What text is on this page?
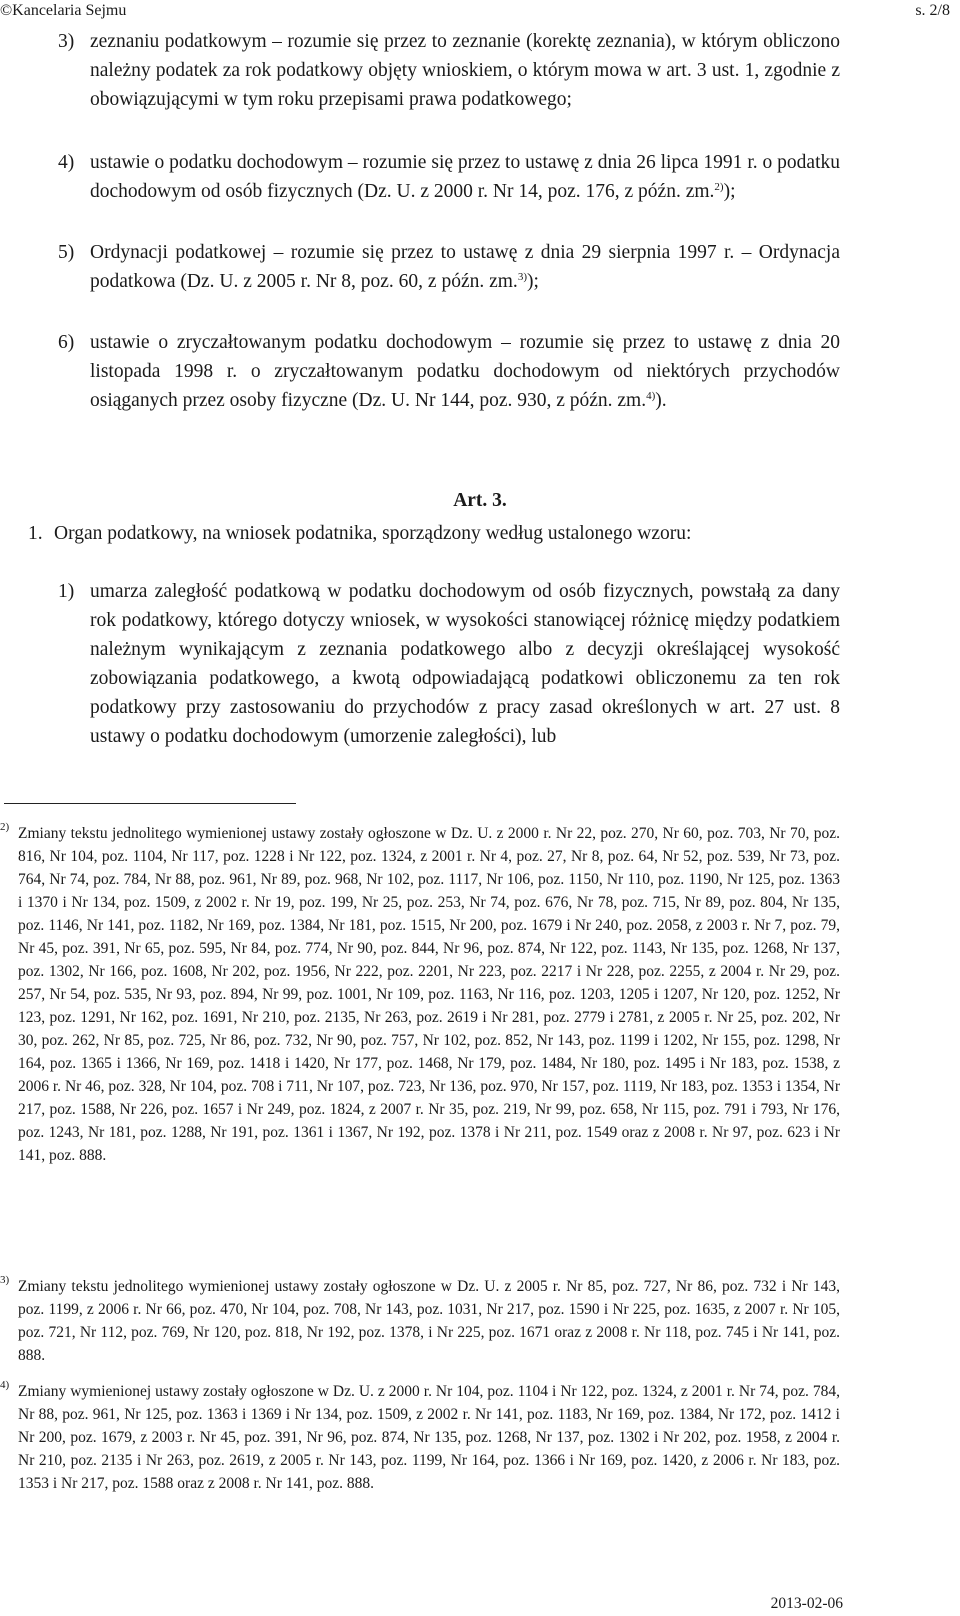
©Kancelaria Sejmu	s. 2/8
3) zeznaniu podatkowym – rozumie się przez to zeznanie (korektę zeznania), w którym obliczono należny podatek za rok podatkowy objęty wnioskiem, o którym mowa w art. 3 ust. 1, zgodnie z obowiązującymi w tym roku przepisami prawa podatkowego;
4) ustawie o podatku dochodowym – rozumie się przez to ustawę z dnia 26 lipca 1991 r. o podatku dochodowym od osób fizycznych (Dz. U. z 2000 r. Nr 14, poz. 176, z późn. zm.$^{2)}$);
5) Ordynacji podatkowej – rozumie się przez to ustawę z dnia 29 sierpnia 1997 r. – Ordynacja podatkowa (Dz. U. z 2005 r. Nr 8, poz. 60, z późn. zm.$^{3)}$);
6) ustawie o zryczałtowanym podatku dochodowym – rozumie się przez to ustawę z dnia 20 listopada 1998 r. o zryczałtowanym podatku dochodowym od niektórych przychodów osiąganych przez osoby fizyczne (Dz. U. Nr 144, poz. 930, z późn. zm.$^{4)}$).
Art. 3.
1. Organ podatkowy, na wniosek podatnika, sporządzony według ustalonego wzoru:
1) umarza zaległość podatkową w podatku dochodowym od osób fizycznych, powstałą za dany rok podatkowy, którego dotyczy wniosek, w wysokości stanowiącej różnicę między podatkiem należnym wynikającym z zeznania podatkowego albo z decyzji określającej wysokość zobowiązania podatkowego, a kwotą odpowiadającą podatkowi obliczonemu za ten rok podatkowy przy zastosowaniu do przychodów z pracy zasad określonych w art. 27 ust. 8 ustawy o podatku dochodowym (umorzenie zaległości), lub
2) Zmiany tekstu jednolitego wymienionej ustawy zostały ogłoszone w Dz. U. z 2000 r. Nr 22, poz. 270, Nr 60, poz. 703, Nr 70, poz. 816, Nr 104, poz. 1104, Nr 117, poz. 1228 i Nr 122, poz. 1324, z 2001 r. Nr 4, poz. 27, Nr 8, poz. 64, Nr 52, poz. 539, Nr 73, poz. 764, Nr 74, poz. 784, Nr 88, poz. 961, Nr 89, poz. 968, Nr 102, poz. 1117, Nr 106, poz. 1150, Nr 110, poz. 1190, Nr 125, poz. 1363 i 1370 i Nr 134, poz. 1509, z 2002 r. Nr 19, poz. 199, Nr 25, poz. 253, Nr 74, poz. 676, Nr 78, poz. 715, Nr 89, poz. 804, Nr 135, poz. 1146, Nr 141, poz. 1182, Nr 169, poz. 1384, Nr 181, poz. 1515, Nr 200, poz. 1679 i Nr 240, poz. 2058, z 2003 r. Nr 7, poz. 79, Nr 45, poz. 391, Nr 65, poz. 595, Nr 84, poz. 774, Nr 90, poz. 844, Nr 96, poz. 874, Nr 122, poz. 1143, Nr 135, poz. 1268, Nr 137, poz. 1302, Nr 166, poz. 1608, Nr 202, poz. 1956, Nr 222, poz. 2201, Nr 223, poz. 2217 i Nr 228, poz. 2255, z 2004 r. Nr 29, poz. 257, Nr 54, poz. 535, Nr 93, poz. 894, Nr 99, poz. 1001, Nr 109, poz. 1163, Nr 116, poz. 1203, 1205 i 1207, Nr 120, poz. 1252, Nr 123, poz. 1291, Nr 162, poz. 1691, Nr 210, poz. 2135, Nr 263, poz. 2619 i Nr 281, poz. 2779 i 2781, z 2005 r. Nr 25, poz. 202, Nr 30, poz. 262, Nr 85, poz. 725, Nr 86, poz. 732, Nr 90, poz. 757, Nr 102, poz. 852, Nr 143, poz. 1199 i 1202, Nr 155, poz. 1298, Nr 164, poz. 1365 i 1366, Nr 169, poz. 1418 i 1420, Nr 177, poz. 1468, Nr 179, poz. 1484, Nr 180, poz. 1495 i Nr 183, poz. 1538, z 2006 r. Nr 46, poz. 328, Nr 104, poz. 708 i 711, Nr 107, poz. 723, Nr 136, poz. 970, Nr 157, poz. 1119, Nr 183, poz. 1353 i 1354, Nr 217, poz. 1588, Nr 226, poz. 1657 i Nr 249, poz. 1824, z 2007 r. Nr 35, poz. 219, Nr 99, poz. 658, Nr 115, poz. 791 i 793, Nr 176, poz. 1243, Nr 181, poz. 1288, Nr 191, poz. 1361 i 1367, Nr 192, poz. 1378 i Nr 211, poz. 1549 oraz z 2008 r. Nr 97, poz. 623 i Nr 141, poz. 888.
3) Zmiany tekstu jednolitego wymienionej ustawy zostały ogłoszone w Dz. U. z 2005 r. Nr 85, poz. 727, Nr 86, poz. 732 i Nr 143, poz. 1199, z 2006 r. Nr 66, poz. 470, Nr 104, poz. 708, Nr 143, poz. 1031, Nr 217, poz. 1590 i Nr 225, poz. 1635, z 2007 r. Nr 105, poz. 721, Nr 112, poz. 769, Nr 120, poz. 818, Nr 192, poz. 1378, i Nr 225, poz. 1671 oraz z 2008 r. Nr 118, poz. 745 i Nr 141, poz. 888.
4) Zmiany wymienionej ustawy zostały ogłoszone w Dz. U. z 2000 r. Nr 104, poz. 1104 i Nr 122, poz. 1324, z 2001 r. Nr 74, poz. 784, Nr 88, poz. 961, Nr 125, poz. 1363 i 1369 i Nr 134, poz. 1509, z 2002 r. Nr 141, poz. 1183, Nr 169, poz. 1384, Nr 172, poz. 1412 i Nr 200, poz. 1679, z 2003 r. Nr 45, poz. 391, Nr 96, poz. 874, Nr 135, poz. 1268, Nr 137, poz. 1302 i Nr 202, poz. 1958, z 2004 r. Nr 210, poz. 2135 i Nr 263, poz. 2619, z 2005 r. Nr 143, poz. 1199, Nr 164, poz. 1366 i Nr 169, poz. 1420, z 2006 r. Nr 183, poz. 1353 i Nr 217, poz. 1588 oraz z 2008 r. Nr 141, poz. 888.
2013-02-06
